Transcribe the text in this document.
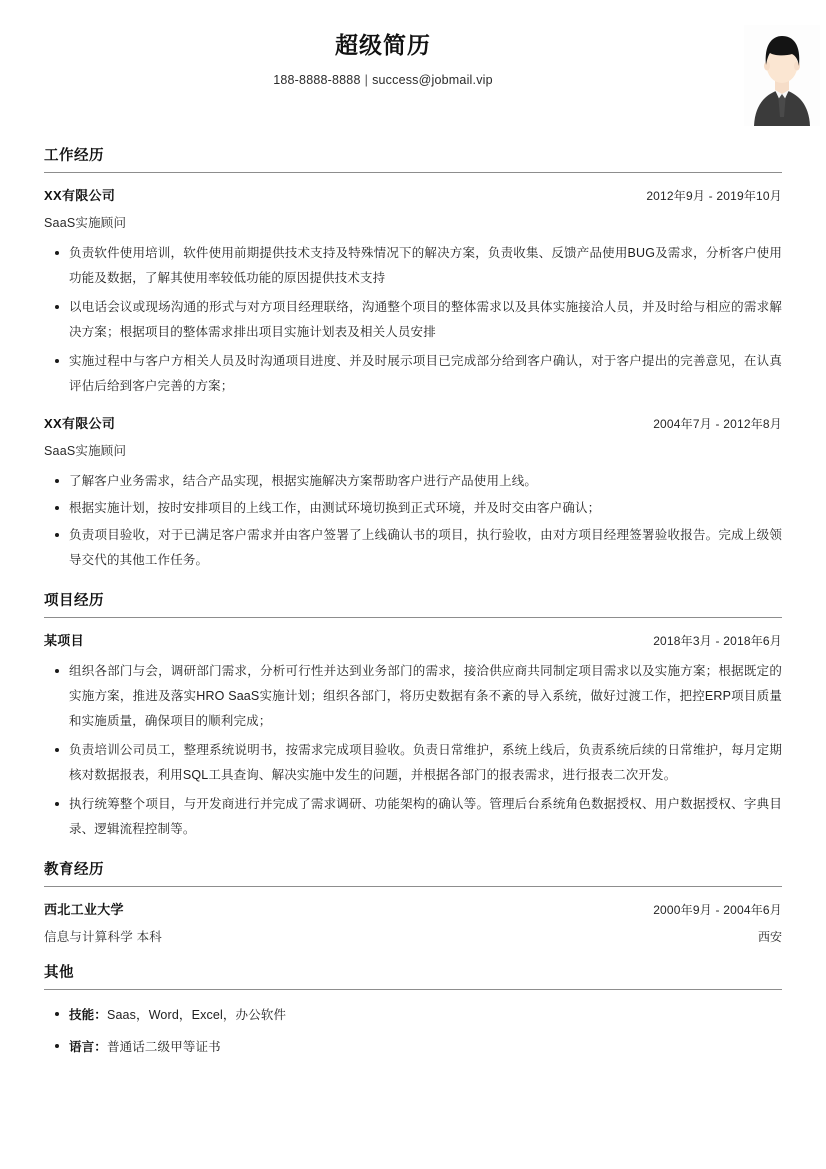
超级简历
188-8888-8888 | success@jobmail.vip
工作经历
XX有限公司	2012年9月 - 2019年10月
SaaS实施顾问
负责软件使用培训，软件使用前期提供技术支持及特殊情况下的解决方案，负责收集、反馈产品使用BUG及需求，分析客户使用功能及数据，了解其使用率较低功能的原因提供技术支持
以电话会议或现场沟通的形式与对方项目经理联络，沟通整个项目的整体需求以及具体实施接洽人员，并及时给与相应的需求解决方案；根据项目的整体需求排出项目实施计划表及相关人员安排
实施过程中与客户方相关人员及时沟通项目进度、并及时展示项目已完成部分给到客户确认，对于客户提出的完善意见，在认真评估后给到客户完善的方案；
XX有限公司	2004年7月 - 2012年8月
SaaS实施顾问
了解客户业务需求，结合产品实现，根据实施解决方案帮助客户进行产品使用上线。
根据实施计划，按时安排项目的上线工作，由测试环境切换到正式环境，并及时交由客户确认；
负责项目验收，对于已满足客户需求并由客户签署了上线确认书的项目，执行验收，由对方项目经理签署验收报告。完成上级领导交代的其他工作任务。
项目经历
某项目	2018年3月 - 2018年6月
组织各部门与会，调研部门需求，分析可行性并达到业务部门的需求，接洽供应商共同制定项目需求以及实施方案；根据既定的实施方案，推进及落实HRO SaaS实施计划；组织各部门，将历史数据有条不紊的导入系统，做好过渡工作，把控ERP项目质量和实施质量，确保项目的顺利完成；
负责培训公司员工，整理系统说明书，按需求完成项目验收。负责日常维护，系统上线后，负责系统后续的日常维护，每月定期核对数据报表，利用SQL工具查询、解决实施中发生的问题，并根据各部门的报表需求，进行报表二次开发。
执行统筹整个项目，与开发商进行并完成了需求调研、功能架构的确认等。管理后台系统角色数据授权、用户数据授权、字典目录、逻辑流程控制等。
教育经历
西北工业大学	2000年9月 - 2004年6月
信息与计算科学 本科	西安
其他
技能：Saas，Word，Excel，办公软件
语言：普通话二级甲等证书
